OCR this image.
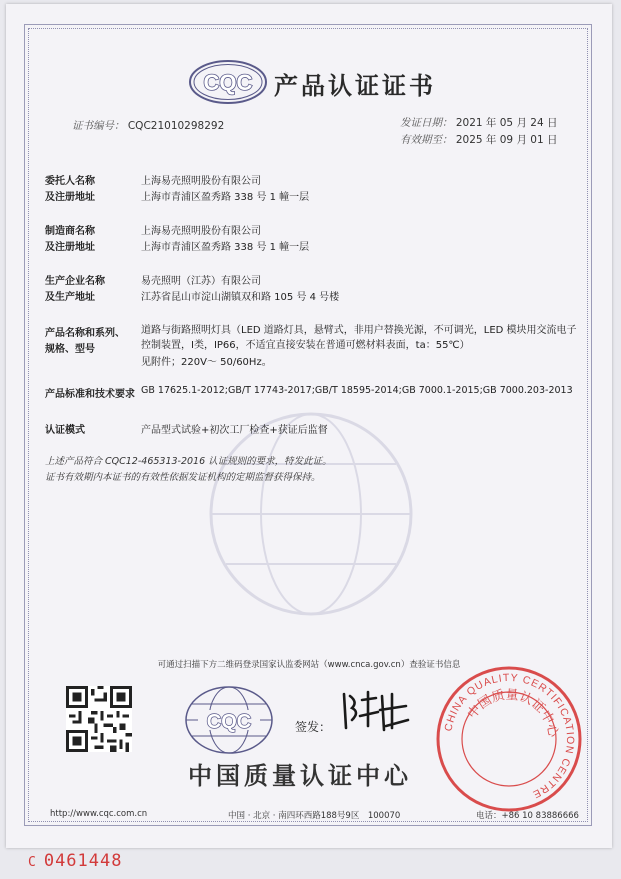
CQC 产品认证证书
证书编号： CQC21010298292	发证日期： 2021 年 05 月 24 日
有效期至： 2025 年 09 月 01 日
委托人名称	上海易壳照明股份有限公司
及注册地址	上海市青浦区盈秀路 338 号 1 幢一层
制造商名称	上海易壳照明股份有限公司
及注册地址	上海市青浦区盈秀路 338 号 1 幢一层
生产企业名称	易壳照明（江苏）有限公司
及生产地址	江苏省昆山市淀山湖镇双和路 105 号 4 号楼
产品名称和系列、
规格、型号
道路与街路照明灯具（LED 道路灯具，悬臂式，非用户替换光源，不可调光，LED 模块用交流电子控制装置，Ⅰ类，IP66，不适宜直接安装在普通可燃材料表面，ta：55℃）
见附件；220V～ 50/60Hz。
产品标准和技术要求 GB 17625.1-2012;GB/T 17743-2017;GB/T 18595-2014;GB 7000.1-2015;GB 7000.203-2013
认证模式	产品型式试验+初次工厂检查+获证后监督
上述产品符合 CQC12-465313-2016 认证规则的要求，特发此证。
证书有效期内本证书的有效性依据发证机构的定期监督获得保持。
可通过扫描下方二维码登录国家认监委网站（www.cnca.gov.cn）查验证书信息
CQC	签发：
中国质量认证中心
CHINA QUALITY CERTIFICATION CENTRE
中国质量认证中心
http://www.cqc.com.cn	中国 · 北京 · 南四环西路188号9区　100070	电话：+86 10 83886666
C 0461448
